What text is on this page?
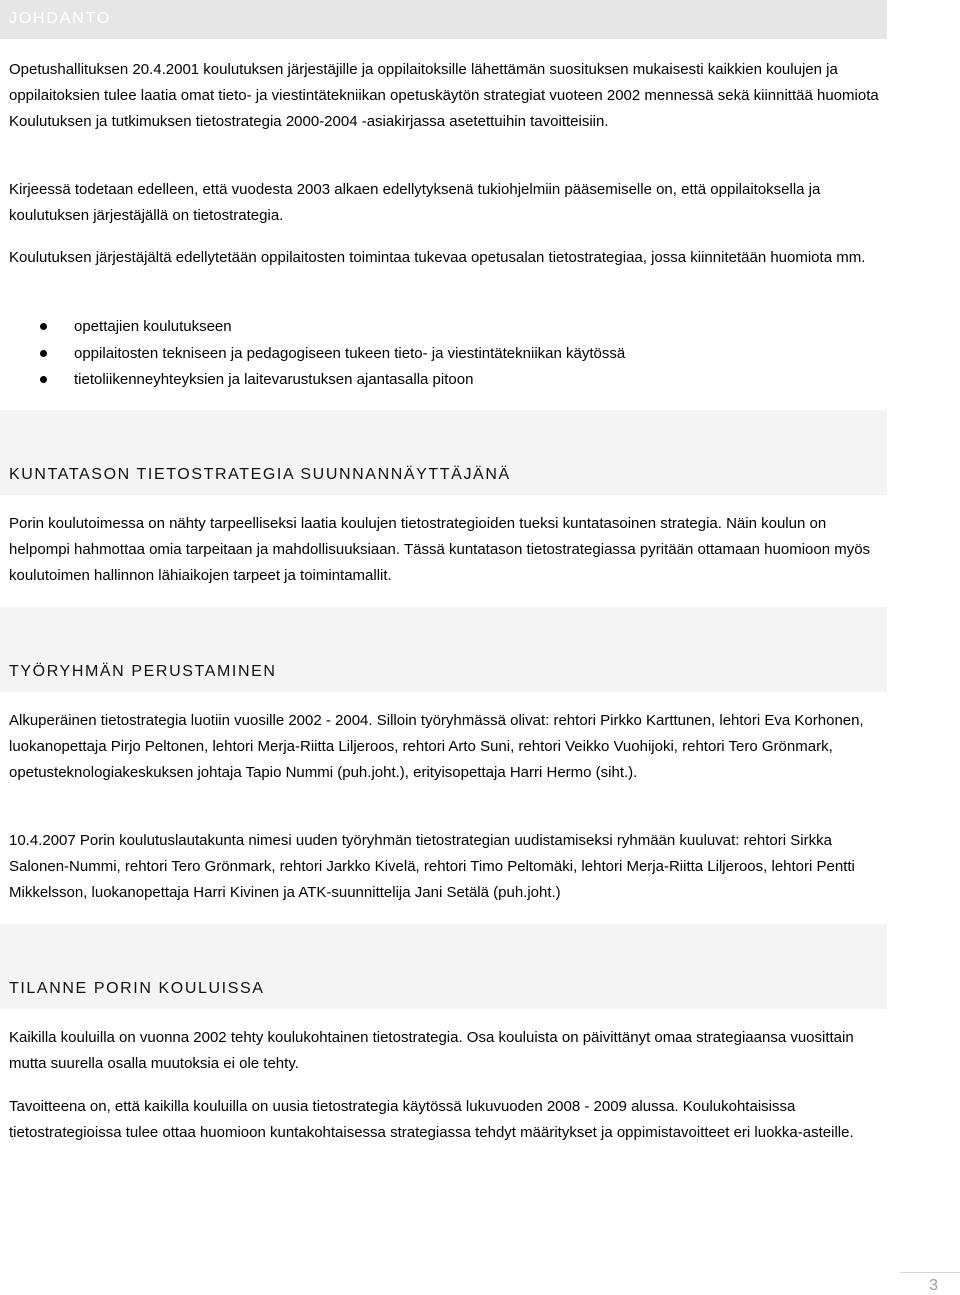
JOHDANTO

Opetushallituksen 20.4.2001 koulutuksen järjestäjille ja oppilaitoksille lähettämän suosituksen mukaisesti kaikkien koulujen ja oppilaitoksien tulee laatia omat tieto- ja viestintätekniikan opetuskäytön strategiat vuoteen 2002 mennessä sekä kiinnittää huomiota Koulutuksen ja tutkimuksen tietostrategia 2000-2004 -asiakirjassa asetettuihin tavoitteisiin.

Kirjeessä todetaan edelleen, että vuodesta 2003 alkaen edellytyksenä tukiohjelmiin pääsemiselle on, että oppilaitoksella ja koulutuksen järjestäjällä on tietostrategia.

Koulutuksen järjestäjältä edellytetään oppilaitosten toimintaa tukevaa opetusalan tietostrategiaa, jossa kiinnitetään huomiota mm.

opettajien koulutukseen
oppilaitosten tekniseen ja pedagogiseen tukeen tieto- ja viestintätekniikan käytössä
tietoliikenneyhteyksien ja laitevarustuksen ajantasalla pitoon
KUNTATASON TIETOSTRATEGIA SUUNNANNÄYTTÄJÄNÄ

Porin koulutoimessa on nähty tarpeelliseksi laatia koulujen tietostrategioiden tueksi kuntatasoinen strategia. Näin koulun on helpompi hahmottaa omia tarpeitaan ja mahdollisuuksiaan. Tässä kuntatason tietostrategiassa pyritään ottamaan huomioon myös koulutoimen hallinnon lähiaikojen tarpeet ja toimintamallit.

TYÖRYHMÄN PERUSTAMINEN

Alkuperäinen tietostrategia luotiin vuosille 2002 - 2004. Silloin työryhmässä olivat: rehtori Pirkko Karttunen, lehtori Eva Korhonen, luokanopettaja Pirjo Peltonen, lehtori Merja-Riitta Liljeroos, rehtori Arto Suni, rehtori Veikko Vuohijoki, rehtori Tero Grönmark, opetusteknologiakeskuksen johtaja Tapio Nummi (puh.joht.), erityisopettaja Harri Hermo (siht.).

10.4.2007 Porin koulutuslautakunta nimesi uuden työryhmän tietostrategian uudistamiseksi ryhmään kuuluvat: rehtori Sirkka Salonen-Nummi, rehtori Tero Grönmark, rehtori Jarkko Kivelä, rehtori Timo Peltomäki, lehtori Merja-Riitta Liljeroos, lehtori Pentti Mikkelsson, luokanopettaja Harri Kivinen ja ATK-suunnittelija Jani Setälä (puh.joht.)

TILANNE PORIN KOULUISSA

Kaikilla kouluilla on vuonna 2002 tehty koulukohtainen tietostrategia. Osa kouluista on päivittänyt omaa strategiaansa vuosittain mutta suurella osalla muutoksia ei ole tehty.

Tavoitteena on, että kaikilla kouluilla on uusia tietostrategia käytössä lukuvuoden 2008 - 2009 alussa. Koulukohtaisissa tietostrategioissa tulee ottaa huomioon kuntakohtaisessa strategiassa tehdyt määritykset ja oppimistavoitteet eri luokka-asteille.

3
